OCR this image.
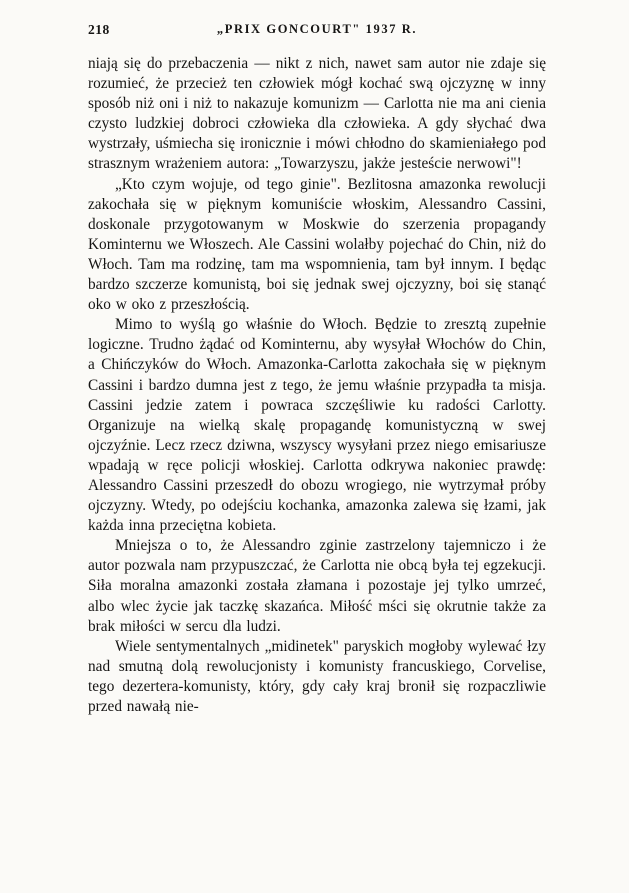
218	„PRIX GONCOURT" 1937 R.

niają się do przebaczenia — nikt z nich, nawet sam autor nie zdaje się rozumieć, że przecież ten człowiek mógł kochać swą ojczyznę w inny sposób niż oni i niż to nakazuje komunizm — Carlotta nie ma ani cienia czysto ludzkiej dobroci człowieka dla człowieka. A gdy słychać dwa wystrzały, uśmiecha się ironicznie i mówi chłodno do skamieniałego pod strasznym wrażeniem autora: „Towarzyszu, jakże jesteście nerwowi"!

„Kto czym wojuje, od tego ginie". Bezlitosna amazonka rewolucji zakochała się w pięknym komuniście włoskim, Alessandro Cassini, doskonale przygotowanym w Moskwie do szerzenia propagandy Kominternu we Włoszech. Ale Cassini wolałby pojechać do Chin, niż do Włoch. Tam ma rodzinę, tam ma wspomnienia, tam był innym. I będąc bardzo szczerze komunistą, boi się jednak swej ojczyzny, boi się stanąć oko w oko z przeszłością.

Mimo to wyślą go właśnie do Włoch. Będzie to zresztą zupełnie logiczne. Trudno żądać od Kominternu, aby wysyłał Włochów do Chin, a Chińczyków do Włoch. Amazonka-Carlotta zakochała się w pięknym Cassini i bardzo dumna jest z tego, że jemu właśnie przypadła ta misja. Cassini jedzie zatem i powraca szczęśliwie ku radości Carlotty. Organizuje na wielką skalę propagandę komunistyczną w swej ojczyźnie. Lecz rzecz dziwna, wszyscy wysyłani przez niego emisariusze wpadają w ręce policji włoskiej. Carlotta odkrywa nakoniec prawdę: Alessandro Cassini przeszedł do obozu wrogiego, nie wytrzymał próby ojczyzny. Wtedy, po odejściu kochanka, amazonka zalewa się łzami, jak każda inna przeciętna kobieta.

Mniejsza o to, że Alessandro zginie zastrzelony tajemniczo i że autor pozwala nam przypuszczać, że Carlotta nie obcą była tej egzekucji. Siła moralna amazonki została złamana i pozostaje jej tylko umrzeć, albo wlec życie jak taczkę skazańca. Miłość mści się okrutnie także za brak miłości w sercu dla ludzi.

Wiele sentymentalnych „midinetek" paryskich mogłoby wylewać łzy nad smutną dolą rewolucjonisty i komunisty francuskiego, Corvelise, tego dezertera-komunisty, który, gdy cały kraj bronił się rozpaczliwie przed nawałą nie-
